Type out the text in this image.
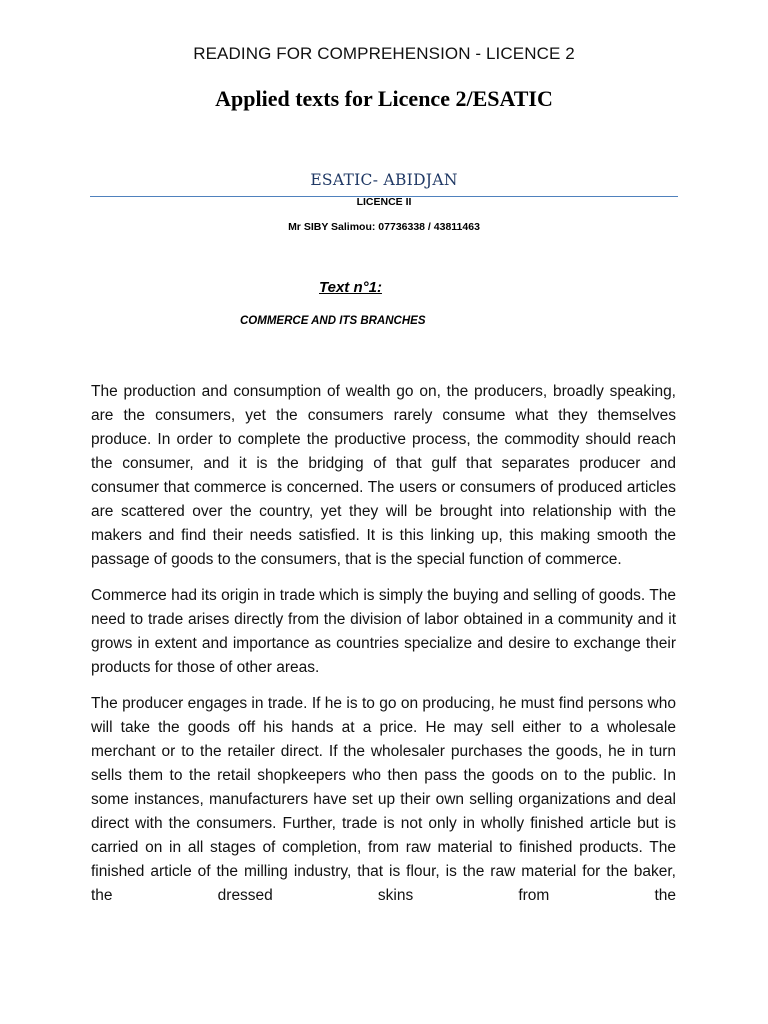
READING FOR COMPREHENSION - LICENCE 2
Applied texts for Licence 2/ESATIC
ESATIC- ABIDJAN
LICENCE II
Mr SIBY Salimou: 07736338 / 43811463
Text n°1:
COMMERCE AND ITS BRANCHES

The production and consumption of wealth go on, the producers, broadly speaking, are the consumers, yet the consumers rarely consume what they themselves produce. In order to complete the productive process, the commodity should reach the consumer, and it is the bridging of that gulf that separates producer and consumer that commerce is concerned. The users or consumers of produced articles are scattered over the country, yet they will be brought into relationship with the makers and find their needs satisfied. It is this linking up, this making smooth the passage of goods to the consumers, that is the special function of commerce.

Commerce had its origin in trade which is simply the buying and selling of goods. The need to trade arises directly from the division of labor obtained in a community and it grows in extent and importance as countries specialize and desire to exchange their products for those of other areas.

The producer engages in trade. If he is to go on producing, he must find persons who will take the goods off his hands at a price. He may sell either to a wholesale merchant or to the retailer direct. If the wholesaler purchases the goods, he in turn sells them to the retail shopkeepers who then pass the goods on to the public. In some instances, manufacturers have set up their own selling organizations and deal direct with the consumers. Further, trade is not only in wholly finished article but is carried on in all stages of completion, from raw material to finished products. The finished article of the milling industry, that is flour, is the raw material for the baker, the dressed skins from the
